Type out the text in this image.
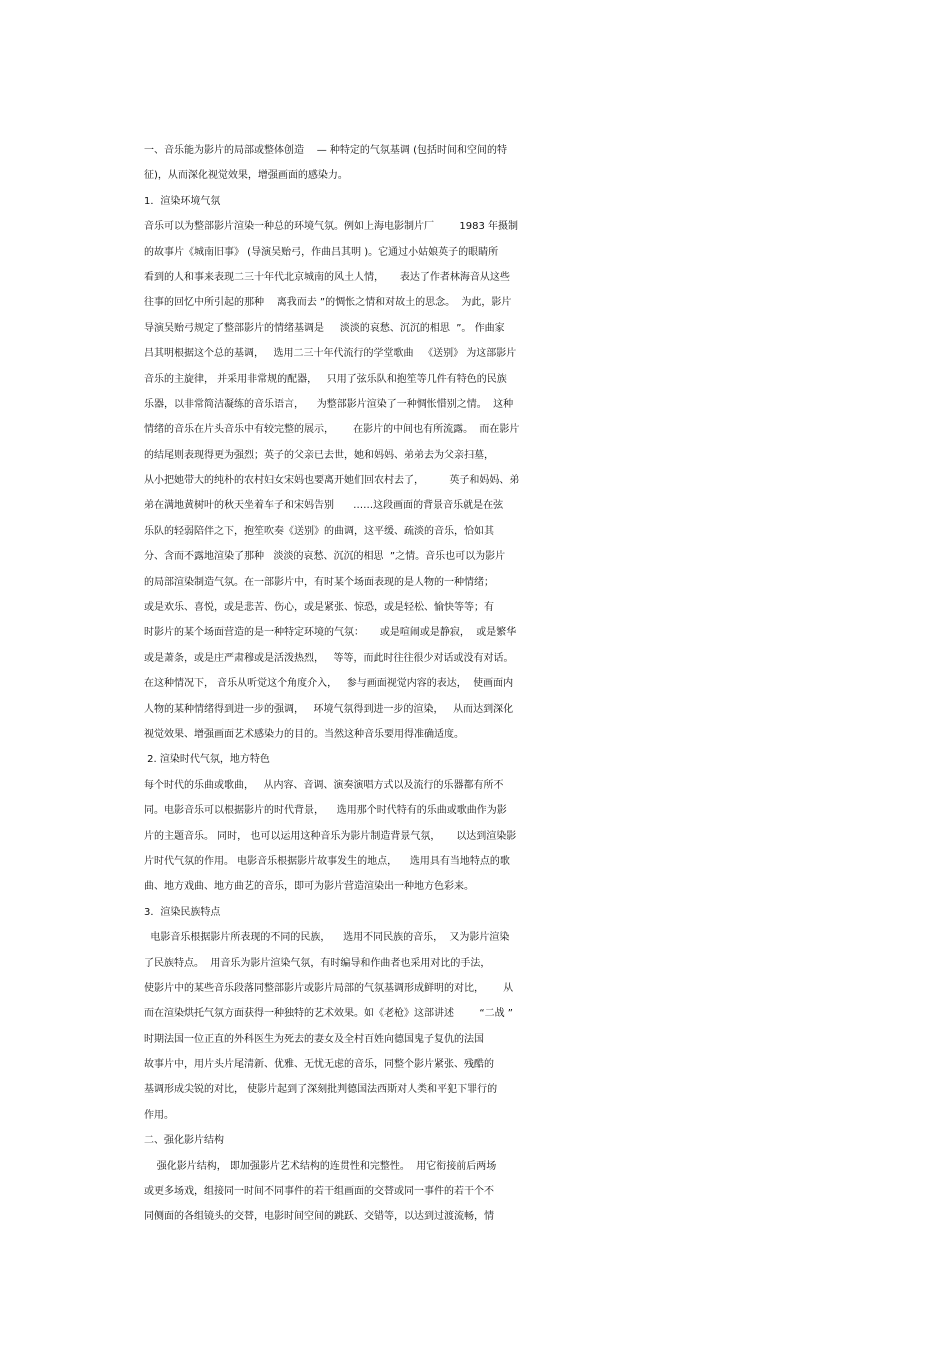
一、音乐能为影片的局部或整体创造    — 种特定的气氛基调 (包括时间和空间的特
征)，从而深化视觉效果，增强画面的感染力。
1．渲染环境气氛
音乐可以为整部影片渲染一种总的环境气氛。例如上海电影制片厂        1983 年摄制
的故事片《城南旧事》 (导演吴贻弓，作曲吕其明 )。它通过小姑娘英子的眼睛所
看到的人和事来表现二三十年代北京城南的风土人情，     表达了作者林海音从这些
往事的回忆中所引起的那种    离我而去 ”的惆怅之情和对故土的思念。  为此，影片
导演吴贻弓规定了整部影片的情绪基调是     淡淡的哀愁、沉沉的相思  ”。 作曲家
吕其明根据这个总的基调，   选用二三十年代流行的学堂歌曲   《送别》 为这部影片
音乐的主旋律， 并采用非常规的配器，   只用了弦乐队和抱笙等几件有特色的民族
乐器，以非常简洁凝练的音乐语言，    为整部影片渲染了一种惆怅惜别之情。  这种
情绪的音乐在片头音乐中有较完整的展示，      在影片的中间也有所流露。  而在影片
的结尾则表现得更为强烈；英子的父亲已去世，她和妈妈、弟弟去为父亲扫墓，
从小把她带大的纯朴的农村妇女宋妈也要离开她们回农村去了，        英子和妈妈、弟
弟在满地黄树叶的秋天坐着车子和宋妈告别      ……这段画面的背景音乐就是在弦
乐队的轻弱陪伴之下，抱笙吹奏《送别》的曲调，这平缓、疏淡的音乐，恰如其
分、含而不露地渲染了那种   淡淡的哀愁、沉沉的相思  ”之情。音乐也可以为影片
的局部渲染制造气氛。在一部影片中，有时某个场面表现的是人物的一种情绪；
或是欢乐、喜悦，或是悲苦、伤心，或是紧张、惊恐，或是轻松、愉快等等；有
时影片的某个场面营造的是一种特定环境的气氛：     或是喧闹或是静寂，  或是繁华
或是萧条，或是庄严肃穆或是活泼热烈，   等等，而此时往往很少对话或没有对话。
在这种情况下， 音乐从听觉这个角度介入，   参与画面视觉内容的表达，  使画面内
人物的某种情绪得到进一步的强调，   环境气氛得到进一步的渲染，   从而达到深化
视觉效果、增强画面艺术感染力的目的。当然这种音乐要用得准确适度。
2. 渲染时代气氛，地方特色
每个时代的乐曲或歌曲，   从内容、音调、演奏演唱方式以及流行的乐器都有所不
同。电影音乐可以根据影片的时代背景，    选用那个时代特有的乐曲或歌曲作为影
片的主题音乐。 同时， 也可以运用这种音乐为影片制造背景气氛，     以达到渲染影
片时代气氛的作用。 电影音乐根据影片故事发生的地点，    选用具有当地特点的歌
曲、地方戏曲、地方曲艺的音乐，即可为影片营造渲染出一种地方色彩来。
3．渲染民族特点
电影音乐根据影片所表现的不同的民族，    选用不同民族的音乐，  又为影片渲染
了民族特点。  用音乐为影片渲染气氛，有时编导和作曲者也采用对比的手法，
使影片中的某些音乐段落同整部影片或影片局部的气氛基调形成鲜明的对比，      从
而在渲染烘托气氛方面获得一种独特的艺术效果。如《老枪》这部讲述        “二战 ”
时期法国一位正直的外科医生为死去的妻女及全村百姓向德国鬼子复仇的法国
故事片中，用片头片尾清新、优雅、无忧无虑的音乐，同整个影片紧张、残酷的
基调形成尖锐的对比， 使影片起到了深刻批判德国法西斯对人类和平犯下罪行的
作用。
二、强化影片结构
强化影片结构， 即加强影片艺术结构的连贯性和完整性。  用它衔接前后两场
或更多场戏，组接同一时间不同事件的若干组画面的交替或同一事件的若干个不
同侧面的各组镜头的交替，电影时间空间的跳跃、交错等，以达到过渡流畅，情
